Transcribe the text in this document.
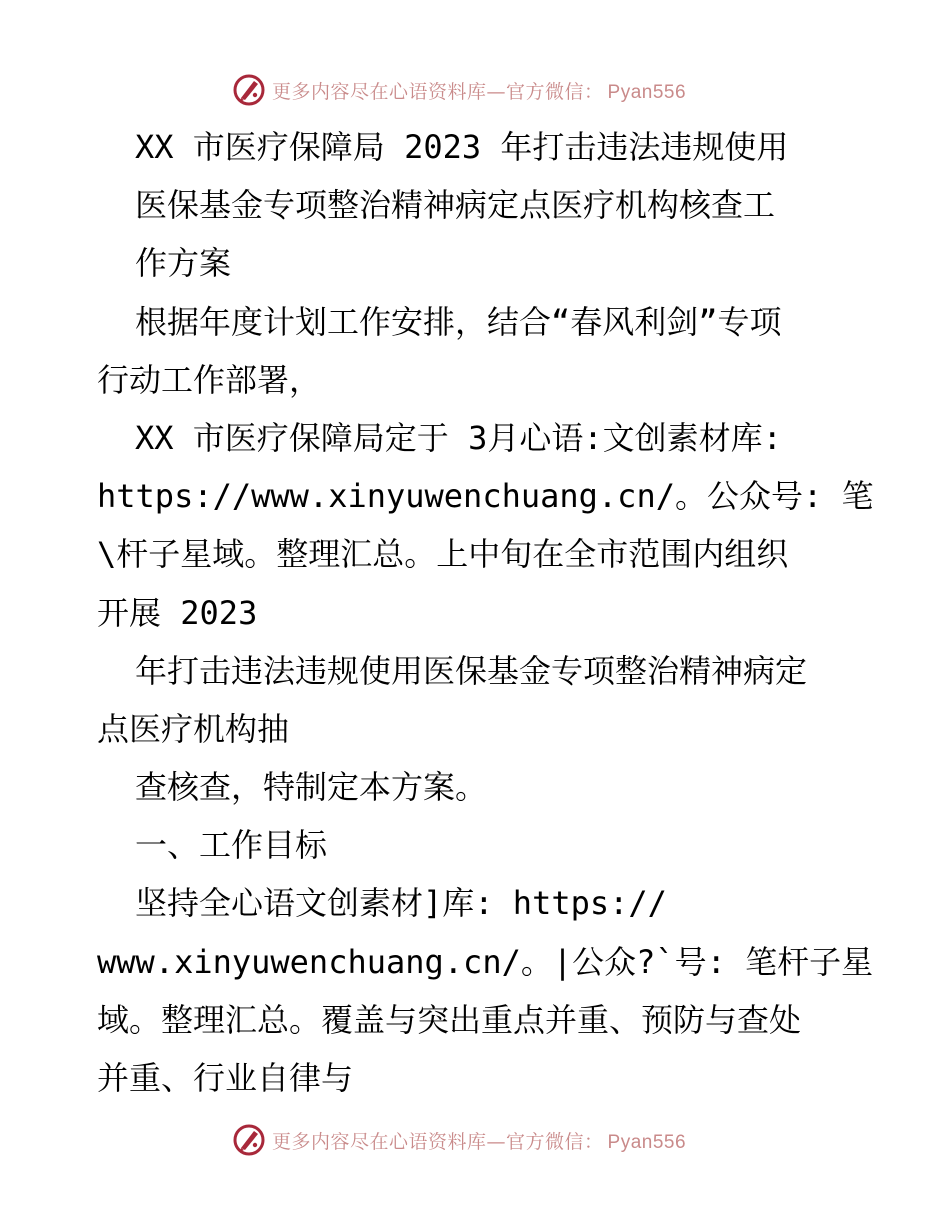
更多内容尽在心语资料库—官方微信： Pyan556
XX 市医疗保障局 2023 年打击违法违规使用
医保基金专项整治精神病定点医疗机构核查工
作方案
根据年度计划工作安排，结合“春风利剑”专项
行动工作部署，
XX 市医疗保障局定于 3月心语:文创素材库:
https://www.xinyuwenchuang.cn/。公众号: 笔
\杆子星域。整理汇总。上中旬在全市范围内组织
开展 2023
年打击违法违规使用医保基金专项整治精神病定
点医疗机构抽
查核查，特制定本方案。
一、工作目标
坚持全心语文创素材]库: https://
www.xinyuwenchuang.cn/。|公众?`号: 笔杆子星
域。整理汇总。覆盖与突出重点并重、预防与查处
并重、行业自律与
更多内容尽在心语资料库—官方微信： Pyan556
